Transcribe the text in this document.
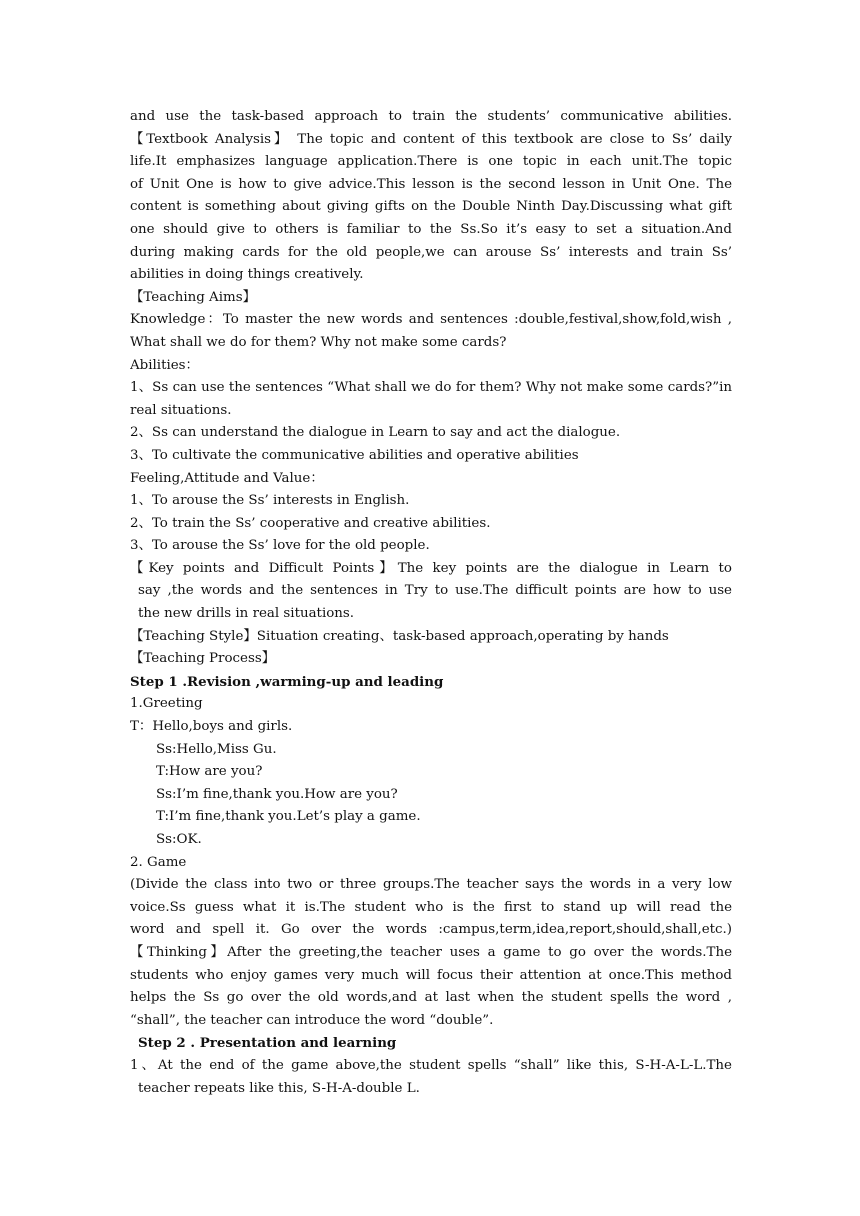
and use the task-based approach to train the students’ communicative abilities.
【Textbook Analysis】 The topic and content of this textbook are close to Ss’ daily
life.It emphasizes language application.There is one topic in each unit.The topic
of Unit One is how to give advice.This lesson is the second lesson in Unit One. The
content is something about giving gifts on the Double Ninth Day.Discussing what gift
one should give to others is familiar to the Ss.So it’s easy to set a situation.And
during making cards for the old people,we can arouse Ss’ interests and train Ss’
abilities in doing things creatively.
【Teaching Aims】
Knowledge：To master the new words and sentences :double,festival,show,fold,wish ,
What shall we do for them? Why not make some cards?
Abilities：
1、Ss can use the sentences “What shall we do for them? Why not make some cards?”in
real situations.
2、Ss can understand the dialogue in Learn to say and act the dialogue.
3、To cultivate the communicative abilities and operative abilities
Feeling,Attitude and Value：
1、To arouse the Ss’ interests in English.
2、To train the Ss’ cooperative and creative abilities.
3、To arouse the Ss’ love for the old people.
【Key points and Difficult Points】The key points are the dialogue in Learn to
say ,the words and the sentences in Try to use.The difficult points are how to use
the new drills in real situations.
【Teaching Style】Situation creating、task-based approach,operating by hands
【Teaching Process】
Step 1 .Revision ,warming-up and leading
1.Greeting
T：Hello,boys and girls.
Ss:Hello,Miss Gu.
T:How are you?
Ss:I’m fine,thank you.How are you?
T:I’m fine,thank you.Let’s play a game.
Ss:OK.
2. Game
(Divide the class into two or three groups.The teacher says the words in a very low
voice.Ss guess what it is.The student who is the first to stand up will read the
word and spell it. Go over the words :campus,term,idea,report,should,shall,etc.)
【Thinking】After the greeting,the teacher uses a game to go over the words.The
students who enjoy games very much will focus their attention at once.This method
helps the Ss go over the old words,and at last when the student spells the word ,
“shall”, the teacher can introduce the word “double”.
Step 2 . Presentation and learning
1、At the end of the game above,the student spells “shall” like this, S-H-A-L-L.The
teacher repeats like this, S-H-A-double L.
